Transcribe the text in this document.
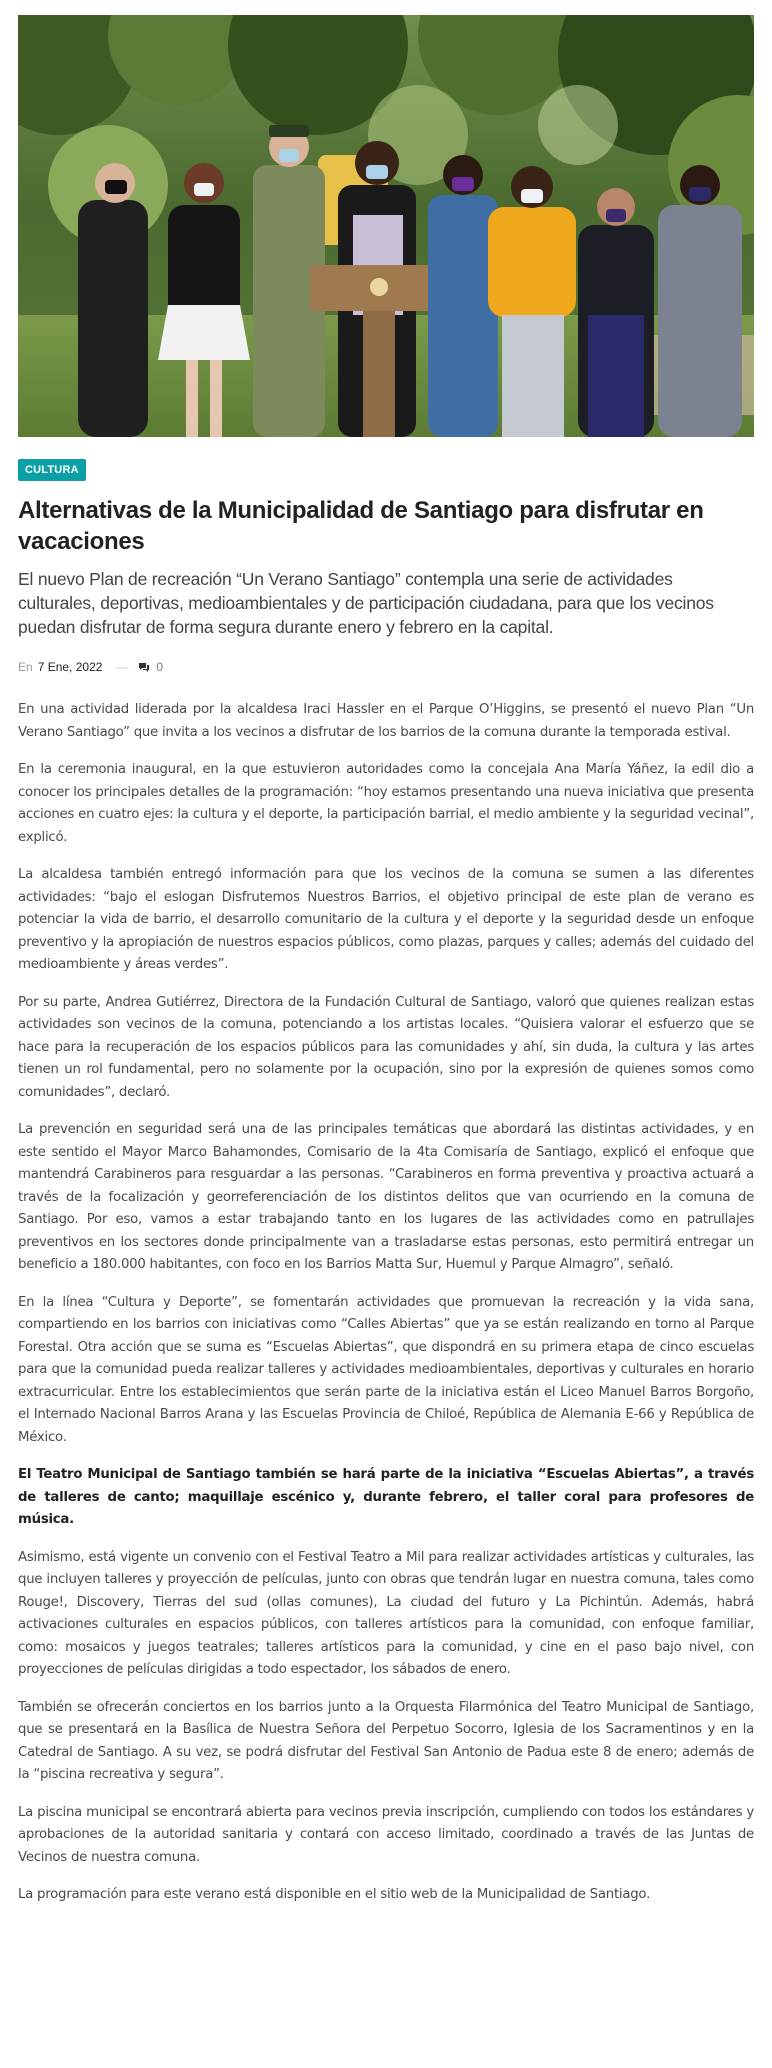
CULTURA
Alternativas de la Municipalidad de Santiago para disfrutar en vacaciones

El nuevo Plan de recreación “Un Verano Santiago” contempla una serie de actividades culturales, deportivas, medioambientales y de participación ciudadana, para que los vecinos puedan disfrutar de forma segura durante enero y febrero en la capital.

En 7 Ene, 2022 — 0

En una actividad liderada por la alcaldesa Iraci Hassler en el Parque O’Higgins, se presentó el nuevo Plan “Un Verano Santiago” que invita a los vecinos a disfrutar de los barrios de la comuna durante la temporada estival.

En la ceremonia inaugural, en la que estuvieron autoridades como la concejala Ana María Yáñez, la edil dio a conocer los principales detalles de la programación: “hoy estamos presentando una nueva iniciativa que presenta acciones en cuatro ejes: la cultura y el deporte, la participación barrial, el medio ambiente y la seguridad vecinal”, explicó.

La alcaldesa también entregó información para que los vecinos de la comuna se sumen a las diferentes actividades: “bajo el eslogan Disfrutemos Nuestros Barrios, el objetivo principal de este plan de verano es potenciar la vida de barrio, el desarrollo comunitario de la cultura y el deporte y la seguridad desde un enfoque preventivo y la apropiación de nuestros espacios públicos, como plazas, parques y calles; además del cuidado del medioambiente y áreas verdes”.

Por su parte, Andrea Gutiérrez, Directora de la Fundación Cultural de Santiago, valoró que quienes realizan estas actividades son vecinos de la comuna, potenciando a los artistas locales. “Quisiera valorar el esfuerzo que se hace para la recuperación de los espacios públicos para las comunidades y ahí, sin duda, la cultura y las artes tienen un rol fundamental, pero no solamente por la ocupación, sino por la expresión de quienes somos como comunidades”, declaró.

La prevención en seguridad será una de las principales temáticas que abordará las distintas actividades, y en este sentido el Mayor Marco Bahamondes, Comisario de la 4ta Comisaría de Santiago, explicó el enfoque que mantendrá Carabineros para resguardar a las personas. “Carabineros en forma preventiva y proactiva actuará a través de la focalización y georreferenciación de los distintos delitos que van ocurriendo en la comuna de Santiago. Por eso, vamos a estar trabajando tanto en los lugares de las actividades como en patrullajes preventivos en los sectores donde principalmente van a trasladarse estas personas, esto permitirá entregar un beneficio a 180.000 habitantes, con foco en los Barrios Matta Sur, Huemul y Parque Almagro”, señaló.

En la línea “Cultura y Deporte”, se fomentarán actividades que promuevan la recreación y la vida sana, compartiendo en los barrios con iniciativas como “Calles Abiertas” que ya se están realizando en torno al Parque Forestal. Otra acción que se suma es “Escuelas Abiertas”, que dispondrá en su primera etapa de cinco escuelas para que la comunidad pueda realizar talleres y actividades medioambientales, deportivas y culturales en horario extracurricular. Entre los establecimientos que serán parte de la iniciativa están el Liceo Manuel Barros Borgoño, el Internado Nacional Barros Arana y las Escuelas Provincia de Chiloé, República de Alemania E-66 y República de México.

El Teatro Municipal de Santiago también se hará parte de la iniciativa “Escuelas Abiertas”, a través de talleres de canto; maquillaje escénico y, durante febrero, el taller coral para profesores de música.

Asimismo, está vigente un convenio con el Festival Teatro a Mil para realizar actividades artísticas y culturales, las que incluyen talleres y proyección de películas, junto con obras que tendrán lugar en nuestra comuna, tales como Rouge!, Discovery, Tierras del sud (ollas comunes), La ciudad del futuro y La Pichintún. Además, habrá activaciones culturales en espacios públicos, con talleres artísticos para la comunidad, con enfoque familiar, como: mosaicos y juegos teatrales; talleres artísticos para la comunidad, y cine en el paso bajo nivel, con proyecciones de películas dirigidas a todo espectador, los sábados de enero.

También se ofrecerán conciertos en los barrios junto a la Orquesta Filarmónica del Teatro Municipal de Santiago, que se presentará en la Basílica de Nuestra Señora del Perpetuo Socorro, Iglesia de los Sacramentinos y en la Catedral de Santiago. A su vez, se podrá disfrutar del Festival San Antonio de Padua este 8 de enero; además de la “piscina recreativa y segura”.

La piscina municipal se encontrará abierta para vecinos previa inscripción, cumpliendo con todos los estándares y aprobaciones de la autoridad sanitaria y contará con acceso limitado, coordinado a través de las Juntas de Vecinos de nuestra comuna.

La programación para este verano está disponible en el sitio web de la Municipalidad de Santiago.
